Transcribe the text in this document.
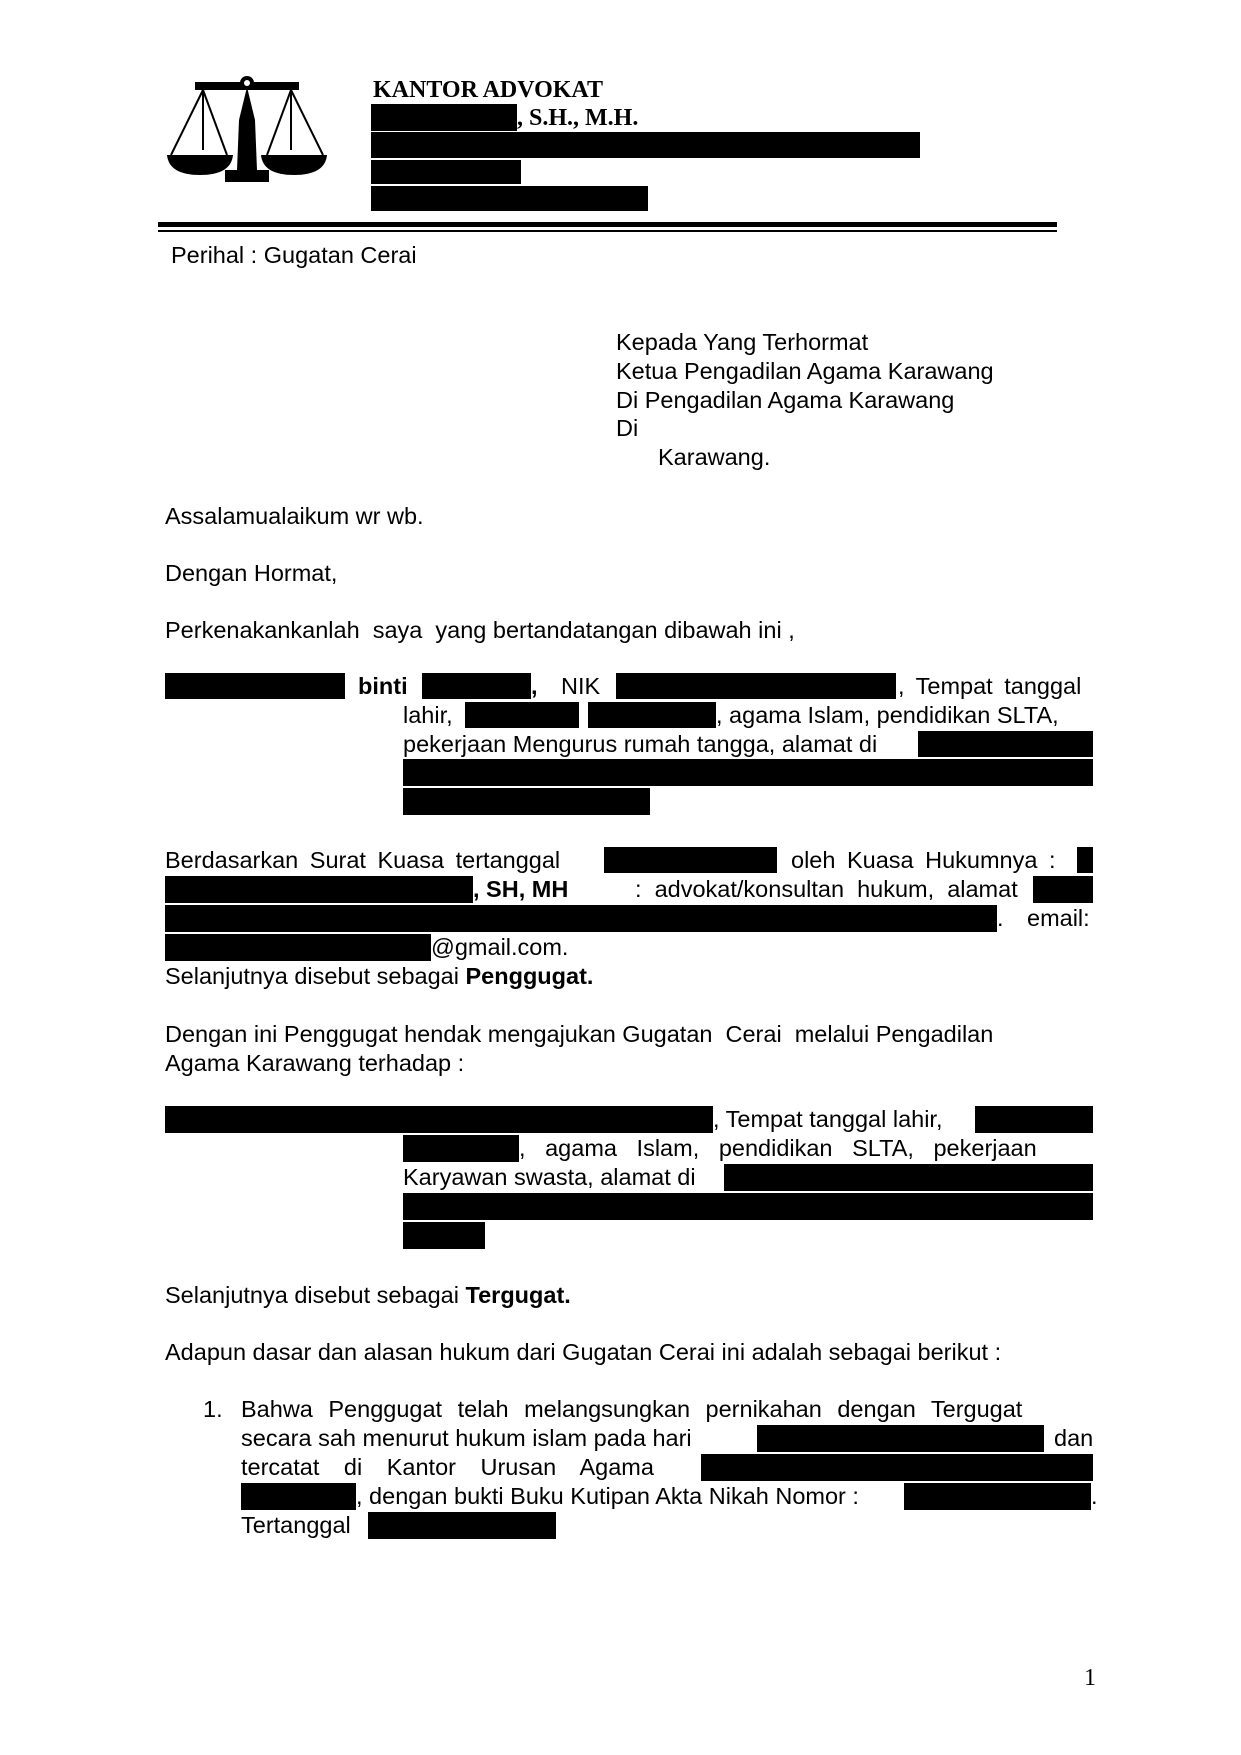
KANTOR ADVOKAT
, S.H., M.H.
Perihal : Gugatan Cerai
Kepada Yang Terhormat
Ketua Pengadilan Agama Karawang
Di Pengadilan Agama Karawang
Di
Karawang.
Assalamualaikum wr wb.
Dengan Hormat,
Perkenakankanlah  saya  yang bertandatangan dibawah ini ,
binti	, NIK	, Tempat tanggal
lahir,	, agama Islam, pendidikan SLTA,
pekerjaan Mengurus rumah tangga, alamat di
Berdasarkan Surat Kuasa tertanggal	oleh Kuasa Hukumnya :
, SH, MH	:  advokat/konsultan  hukum,  alamat
. email:
@gmail.com.
Selanjutnya disebut sebagai Penggugat.
Dengan ini Penggugat hendak mengajukan Gugatan  Cerai  melalui Pengadilan
Agama Karawang terhadap :
, Tempat tanggal lahir,
,   agama   Islam,   pendidikan   SLTA,   pekerjaan
Karyawan swasta, alamat di
Selanjutnya disebut sebagai Tergugat.
Adapun dasar dan alasan hukum dari Gugatan Cerai ini adalah sebagai berikut :
1. Bahwa Penggugat telah melangsungkan pernikahan dengan Tergugat
secara sah menurut hukum islam pada hari	dan
tercatat di Kantor Urusan Agama
, dengan bukti Buku Kutipan Akta Nikah Nomor :	.
Tertanggal
1
